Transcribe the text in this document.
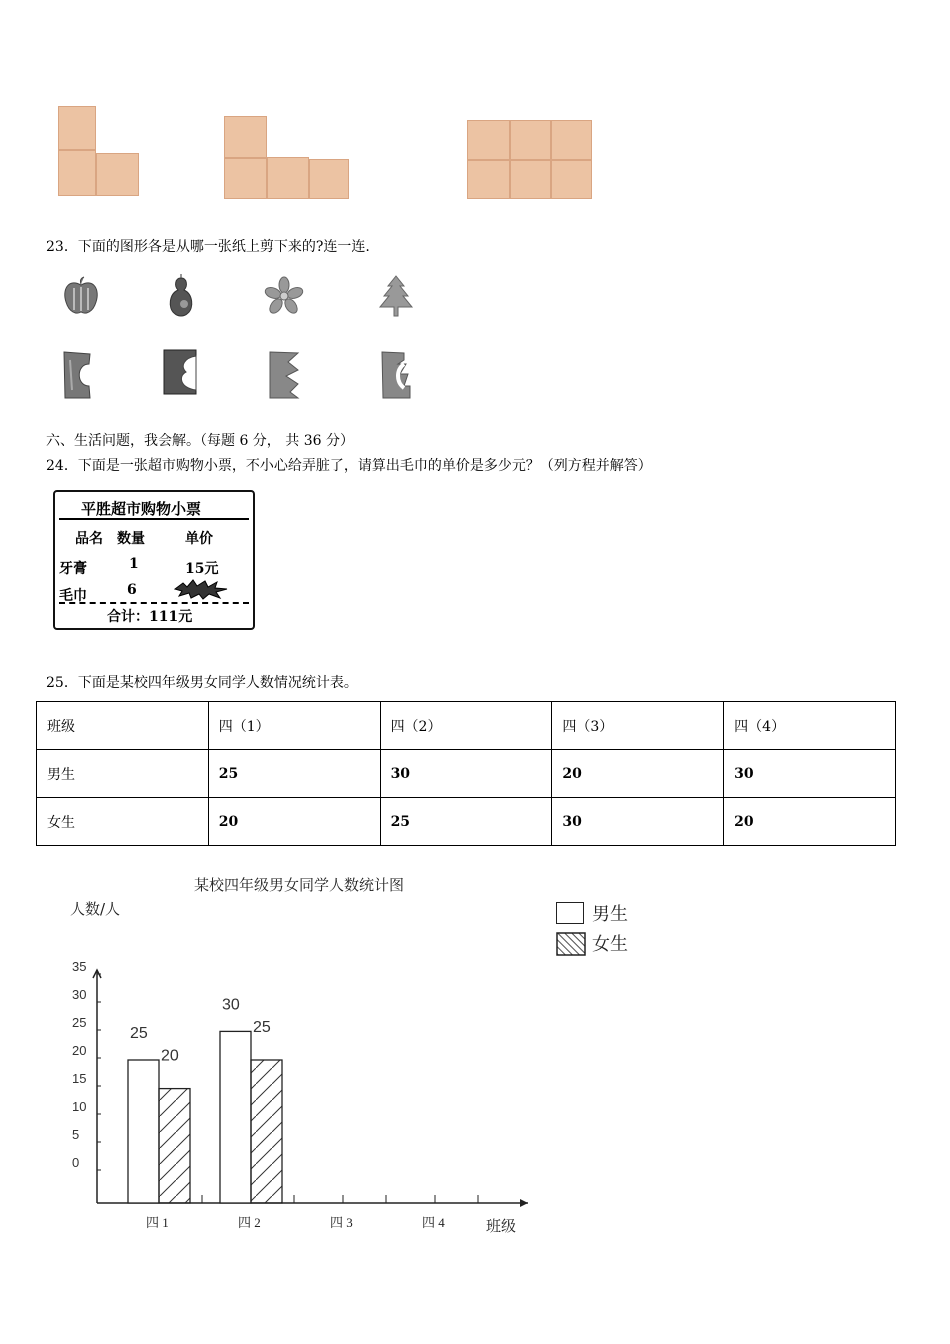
23．下面的图形各是从哪一张纸上剪下来的?连一连.
六、生活问题，我会解。（每题 6 分， 共 36 分）
24．下面是一张超市购物小票，不小心给弄脏了，请算出毛巾的单价是多少元？（列方程并解答）
平胜超市购物小票
品名 数量	单价
牙膏	1	15元
毛巾	6
合计：111元
25．下面是某校四年级男女同学人数情况统计表。
班级	四（1）	四（2）	四（3）	四（4）
男生	25	30	20	30
女生	20	25	30	20
某校四年级男女同学人数统计图
人数/人	男生
女生
35
30
25
20
15
10
5
0
25
30
20
25
四 1	四 2	四 3	四 4	班级
